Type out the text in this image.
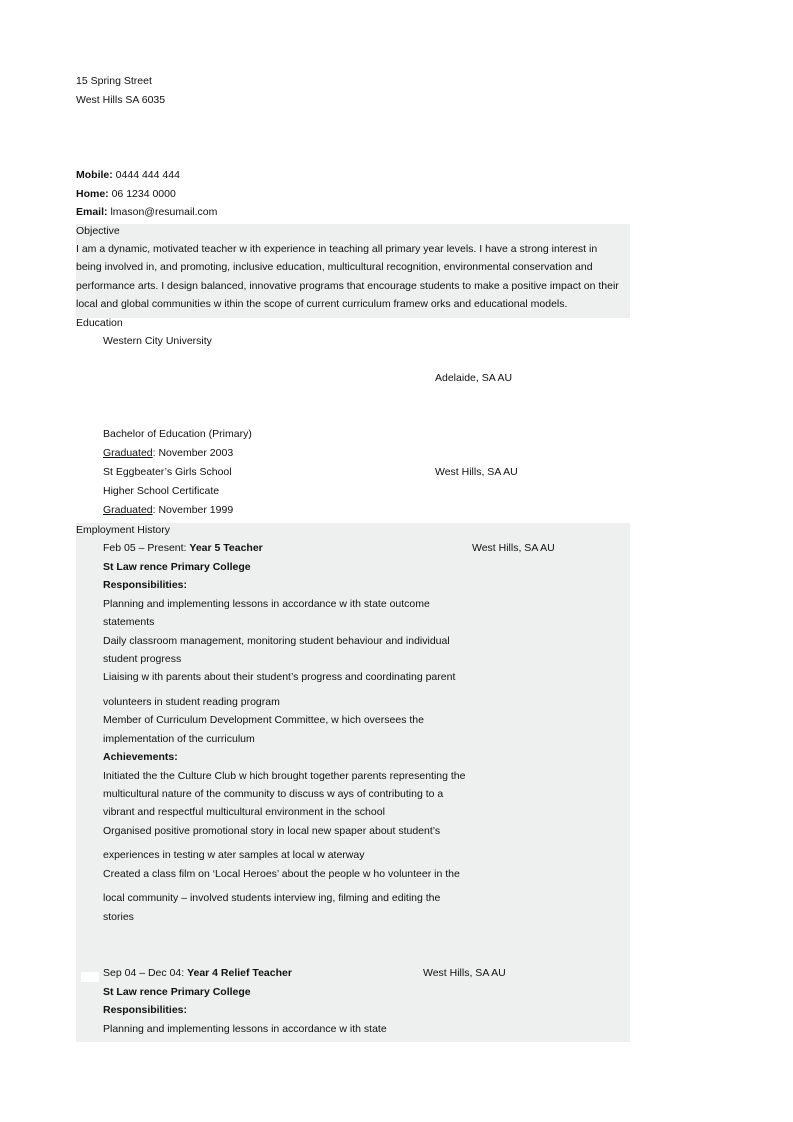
15 Spring Street
West Hills SA 6035
Mobile: 0444 444 444
Home: 06 1234 0000
Email: lmason@resumail.com
Objective
I am a dynamic, motivated teacher w ith experience in teaching all primary year levels. I have a strong interest in
being involved in, and promoting, inclusive education, multicultural recognition, environmental conservation and
performance arts. I design balanced, innovative programs that encourage students to make a positive impact on their
local and global communities w ithin the scope of current curriculum framew orks and educational models.
Education
Western City University
Adelaide, SA AU
Bachelor of Education (Primary)
Graduated: November 2003
St Eggbeater’s Girls School	West Hills, SA AU
Higher School Certificate
Graduated: November 1999
Employment History
Feb 05 – Present: Year 5 Teacher	West Hills, SA AU
St Law rence Primary College
Responsibilities:
Planning and implementing lessons in accordance w ith state outcome
statements
Daily classroom management, monitoring student behaviour and individual
student progress
Liaising w ith parents about their student’s progress and coordinating parent
volunteers in student reading program
Member of Curriculum Development Committee, w hich oversees the
implementation of the curriculum
Achievements:
Initiated the the Culture Club w hich brought together parents representing the
multicultural nature of the community to discuss w ays of contributing to a
vibrant and respectful multicultural environment in the school
Organised positive promotional story in local new spaper about student’s
experiences in testing w ater samples at local w aterway
Created a class film on ‘Local Heroes’ about the people w ho volunteer in the
local community – involved students interview ing, filming and editing the
stories
Sep 04 – Dec 04: Year 4 Relief Teacher	West Hills, SA AU
St Law rence Primary College
Responsibilities:
Planning and implementing lessons in accordance w ith state
